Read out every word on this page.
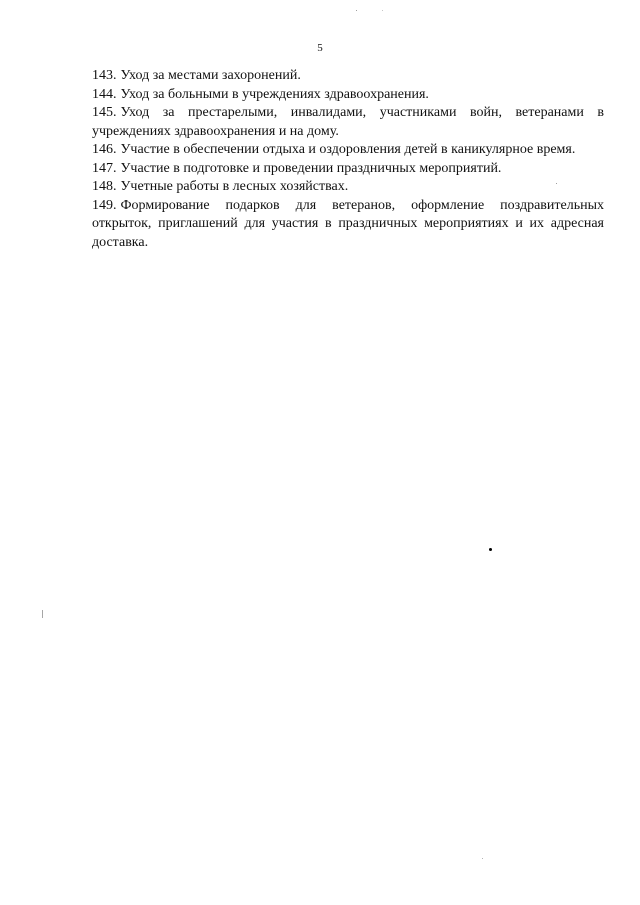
5

143. Уход за местами захоронений.

144. Уход за больными в учреждениях здравоохранения.

145. Уход за престарелыми, инвалидами, участниками войн, ветеранами в учреждениях здравоохранения и на дому.

146. Участие в обеспечении отдыха и оздоровления детей в каникулярное время.

147. Участие в подготовке и проведении праздничных мероприятий.

148. Учетные работы в лесных хозяйствах.

149. Формирование подарков для ветеранов, оформление поздравительных открыток, приглашений для участия в праздничных мероприятиях и их адресная доставка.
